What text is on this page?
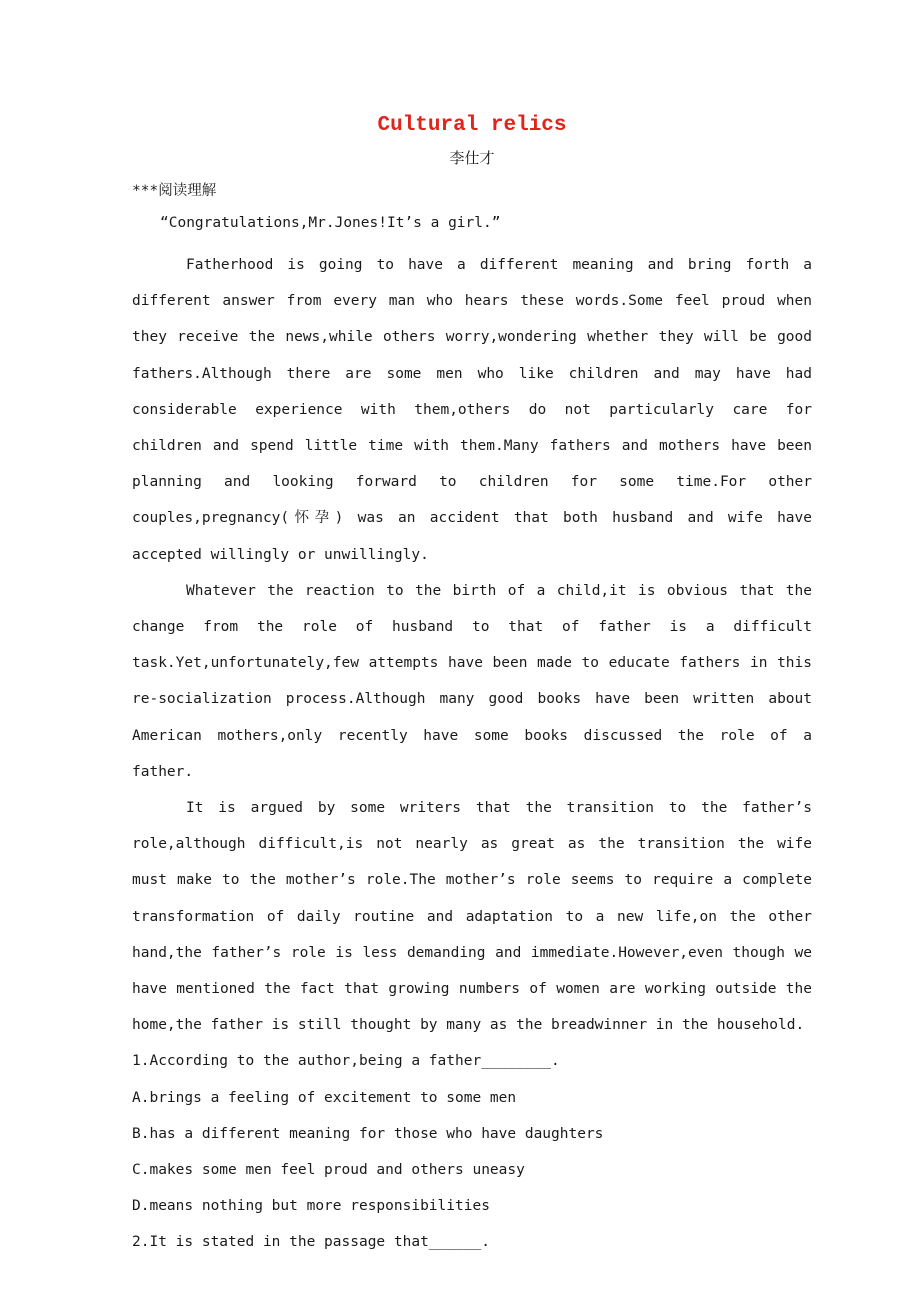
Cultural relics
李仕才
***阅读理解
“Congratulations,Mr.Jones!It’s a girl.”

Fatherhood is going to have a different meaning and bring forth a different answer from every man who hears these words.Some feel proud when they receive the news,while others worry,wondering whether they will be good fathers.Although there are some men who like children and may have had considerable experience with them,others do not particularly care for children and spend little time with them.Many fathers and mothers have been planning and looking forward to children for some time.For other couples,pregnancy(怀孕) was an accident that both husband and wife have accepted willingly or unwillingly.

Whatever the reaction to the birth of a child,it is obvious that the change from the role of husband to that of father is a difficult task.Yet,unfortunately,few attempts have been made to educate fathers in this re-socialization process.Although many good books have been written about American mothers,only recently have some books discussed the role of a father.

It is argued by some writers that the transition to the father’s role,although difficult,is not nearly as great as the transition the wife must make to the mother’s role.The mother’s role seems to require a complete transformation of daily routine and adaptation to a new life,on the other hand,the father’s role is less demanding and immediate.However,even though we have mentioned the fact that growing numbers of women are working outside the home,the father is still thought by many as the breadwinner in the household.

1.According to the author,being a father________.

A.brings a feeling of excitement to some men

B.has a different meaning for those who have daughters

C.makes some men feel proud and others uneasy

D.means nothing but more responsibilities

2.It is stated in the passage that______.
